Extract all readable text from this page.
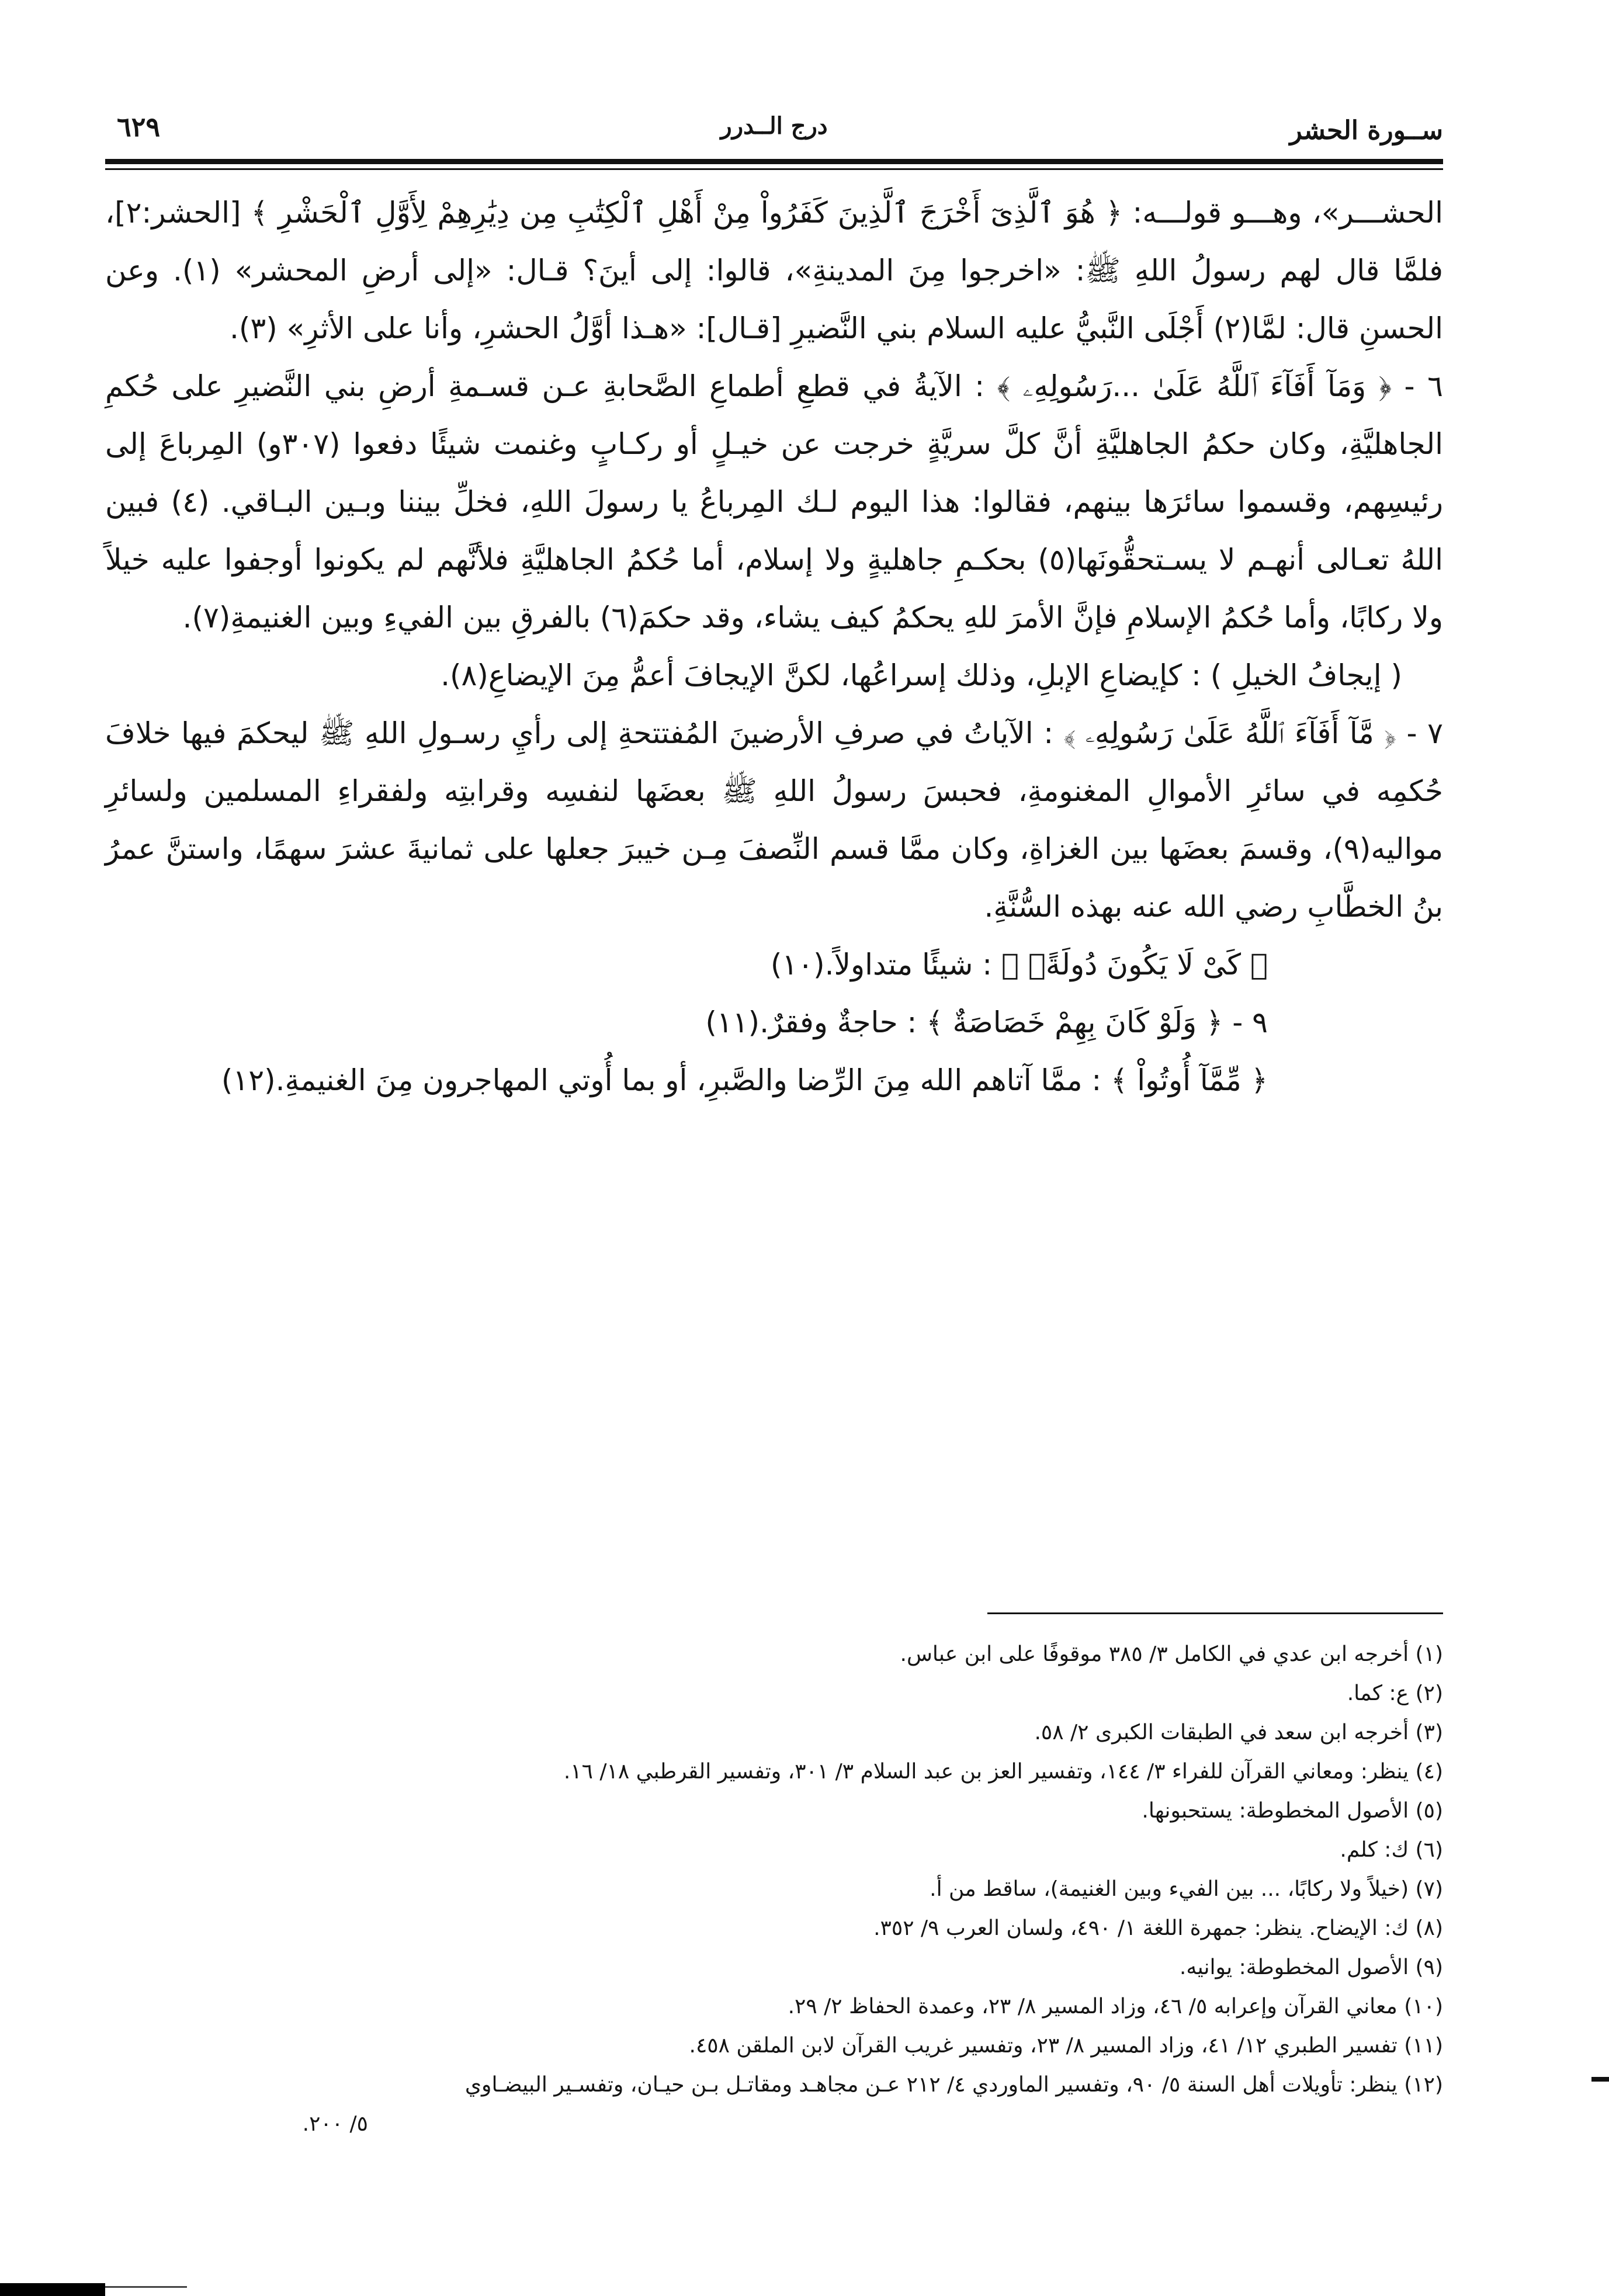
ســورة الحشر
درج الــدرر
٦٢٩

الحشـــر»، وهـــو قولـــه: ﴿ هُوَ ٱلَّذِىٓ أَخْرَجَ ٱلَّذِينَ كَفَرُواْ مِنْ أَهْلِ ٱلْكِتَٰبِ مِن دِيَٰرِهِمْ لِأَوَّلِ ٱلْحَشْرِ ﴾ [الحشر:٢]، فلمَّا قال لهم رسولُ اللهِ ﷺ: «اخرجوا مِنَ المدينةِ»، قالوا: إلى أينَ؟ قـال: «إلى أرضِ المحشر» (١). وعن الحسنِ قال: لمَّا(٢) أَجْلَى النَّبيُّ عليه السلام بني النَّضيرِ [قـال]: «هـذا أوَّلُ الحشرِ، وأنا على الأثرِ» (٣).

٦ - ﴿ وَمَآ أَفَآءَ ٱللَّهُ عَلَىٰ ...رَسُولِهِۦ ﴾ : الآيةُ في قطعِ أطماعِ الصَّحابةِ عـن قسـمةِ أرضِ بني النَّضيرِ على حُكمِ الجاهليَّةِ، وكان حكمُ الجاهليَّةِ أنَّ كلَّ سريَّةٍ خرجت عن خيـلٍ أو ركـابٍ وغنمت شيئًا دفعوا (٣٠٧و) المِرباعَ إلى رئيسِهم، وقسموا سائرَها بينهم، فقالوا: هذا اليوم لـك المِرباعُ يا رسولَ اللهِ، فخلِّ بيننا وبـين البـاقي. (٤) فبين اللهُ تعـالى أنهـم لا يسـتحقُّونَها(٥) بحكـمِ جاهليةٍ ولا إسلام، أما حُكمُ الجاهليَّةِ فلأنَّهم لم يكونوا أوجفوا عليه خيلاً ولا ركابًا، وأما حُكمُ الإسلامِ فإنَّ الأمرَ للهِ يحكمُ كيف يشاء، وقد حكمَ(٦) بالفرقِ بين الفيءِ وبين الغنيمةِ(٧).

( إيجافُ الخيلِ ) : كإيضاعِ الإبلِ، وذلك إسراعُها، لكنَّ الإيجافَ أعمُّ مِنَ الإيضاعِ(٨).

٧ - ﴿ مَّآ أَفَآءَ ٱللَّهُ عَلَىٰ رَسُولِهِۦ ﴾ : الآياتُ في صرفِ الأرضينَ المُفتتحةِ إلى رأيِ رسـولِ اللهِ ﷺ ليحكمَ فيها خلافَ حُكمِه في سائرِ الأموالِ المغنومةِ، فحبسَ رسولُ اللهِ ﷺ بعضَها لنفسِه وقرابتِه ولفقراءِ المسلمين ولسائرِ مواليه(٩)، وقسمَ بعضَها بين الغزاةِ، وكان ممَّا قسم النِّصفَ مِـن خيبرَ جعلها على ثمانيةَ عشرَ سهمًا، واستنَّ عمرُ بنُ الخطَّابِ رضي الله عنه بهذه السُّنَّةِ.

﴿ كَىْ لَا يَكُونَ دُولَةًۢ ﴾ : شيئًا متداولاً.(١٠)

٩ - ﴿ وَلَوْ كَانَ بِهِمْ خَصَاصَةٌ ﴾ : حاجةٌ وفقرٌ.(١١)

﴿ مِّمَّآ أُوتُواْ ﴾ : ممَّا آتاهم الله مِنَ الرِّضا والصَّبرِ، أو بما أُوتي المهاجرون مِنَ الغنيمةِ.(١٢)

(١) أخرجه ابن عدي في الكامل ٣/ ٣٨٥ موقوفًا على ابن عباس.
(٢) ع: كما.
(٣) أخرجه ابن سعد في الطبقات الكبرى ٢/ ٥٨.
(٤) ينظر: ومعاني القرآن للفراء ٣/ ١٤٤، وتفسير العز بن عبد السلام ٣/ ٣٠١، وتفسير القرطبي ١٨/ ١٦.
(٥) الأصول المخطوطة: يستحبونها.
(٦) ك: كلم.
(٧) (خيلاً ولا ركابًا، ... بين الفيء وبين الغنيمة)، ساقط من أ.
(٨) ك: الإيضاح. ينظر: جمهرة اللغة ١/ ٤٩٠، ولسان العرب ٩/ ٣٥٢.
(٩) الأصول المخطوطة: يوانيه.
(١٠) معاني القرآن وإعرابه ٥/ ٤٦، وزاد المسير ٨/ ٢٣، وعمدة الحفاظ ٢/ ٢٩.
(١١) تفسير الطبري ١٢/ ٤١، وزاد المسير ٨/ ٢٣، وتفسير غريب القرآن لابن الملقن ٤٥٨.
(١٢) ينظر: تأويلات أهل السنة ٥/ ٩٠، وتفسير الماوردي ٤/ ٢١٢ عـن مجاهـد ومقاتـل بـن حيـان، وتفسـير البيضـاوي
٥/ ٢٠٠.
